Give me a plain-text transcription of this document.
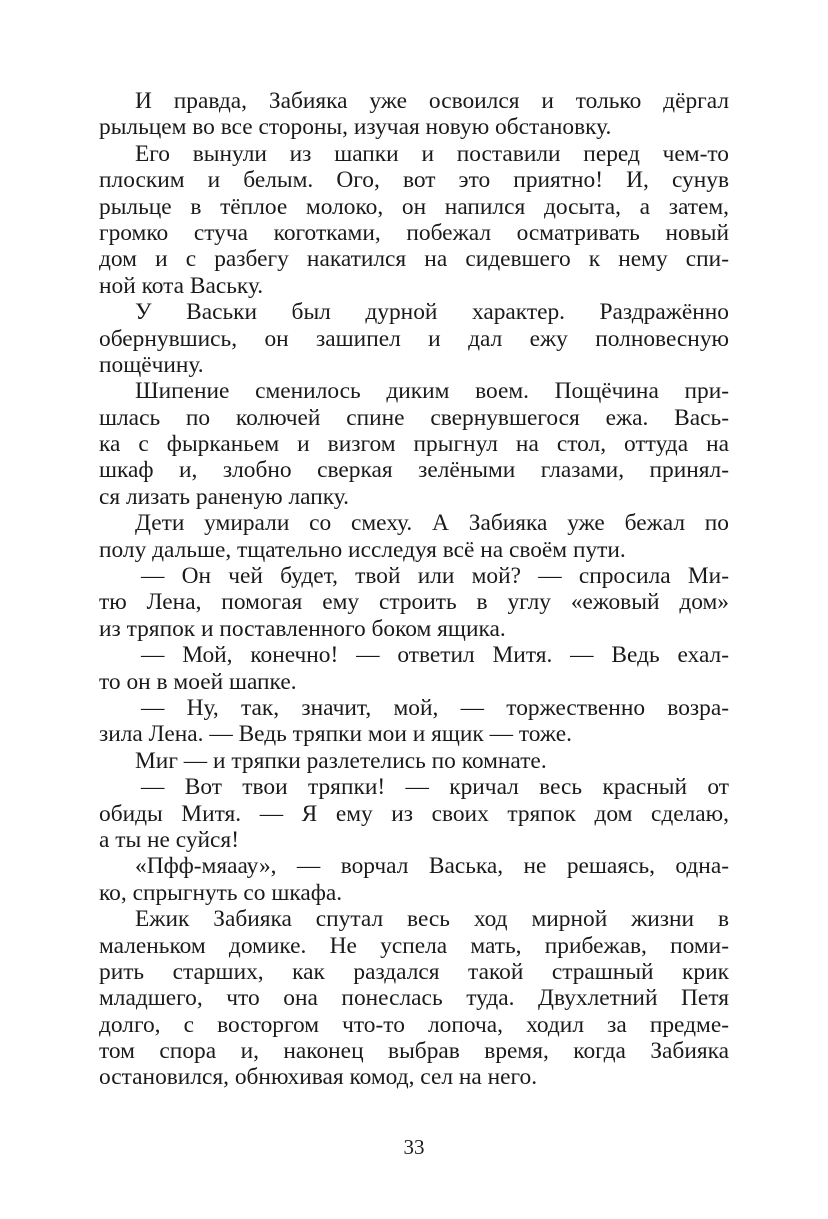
И правда, Забияка уже освоился и только дёргал
рыльцем во все стороны, изучая новую обстановку.
Его вынули из шапки и поставили перед чем-то
плоским и белым. Ого, вот это приятно! И, сунув
рыльце в тёплое молоко, он напился досыта, а затем,
громко стуча коготками, побежал осматривать новый
дом и с разбегу накатился на сидевшего к нему спи-
ной кота Ваську.
У Васьки был дурной характер. Раздражённо
обернувшись, он зашипел и дал ежу полновесную
пощёчину.
Шипение сменилось диким воем. Пощёчина при-
шлась по колючей спине свернувшегося ежа. Вась-
ка с фырканьем и визгом прыгнул на стол, оттуда на
шкаф и, злобно сверкая зелёными глазами, принял-
ся лизать раненую лапку.
Дети умирали со смеху. А Забияка уже бежал по
полу дальше, тщательно исследуя всё на своём пути.
— Он чей будет, твой или мой? — спросила Ми-
тю Лена, помогая ему строить в углу «ежовый дом»
из тряпок и поставленного боком ящика.
— Мой, конечно! — ответил Митя. — Ведь ехал-
то он в моей шапке.
— Ну, так, значит, мой, — торжественно возра-
зила Лена. — Ведь тряпки мои и ящик — тоже.
Миг — и тряпки разлетелись по комнате.
— Вот твои тряпки! — кричал весь красный от
обиды Митя. — Я ему из своих тряпок дом сделаю,
а ты не суйся!
«Пфф-мяаау», — ворчал Васька, не решаясь, одна-
ко, спрыгнуть со шкафа.
Ежик Забияка спутал весь ход мирной жизни в
маленьком домике. Не успела мать, прибежав, поми-
рить старших, как раздался такой страшный крик
младшего, что она понеслась туда. Двухлетний Петя
долго, с восторгом что-то лопоча, ходил за предме-
том спора и, наконец выбрав время, когда Забияка
остановился, обнюхивая комод, сел на него.
33
